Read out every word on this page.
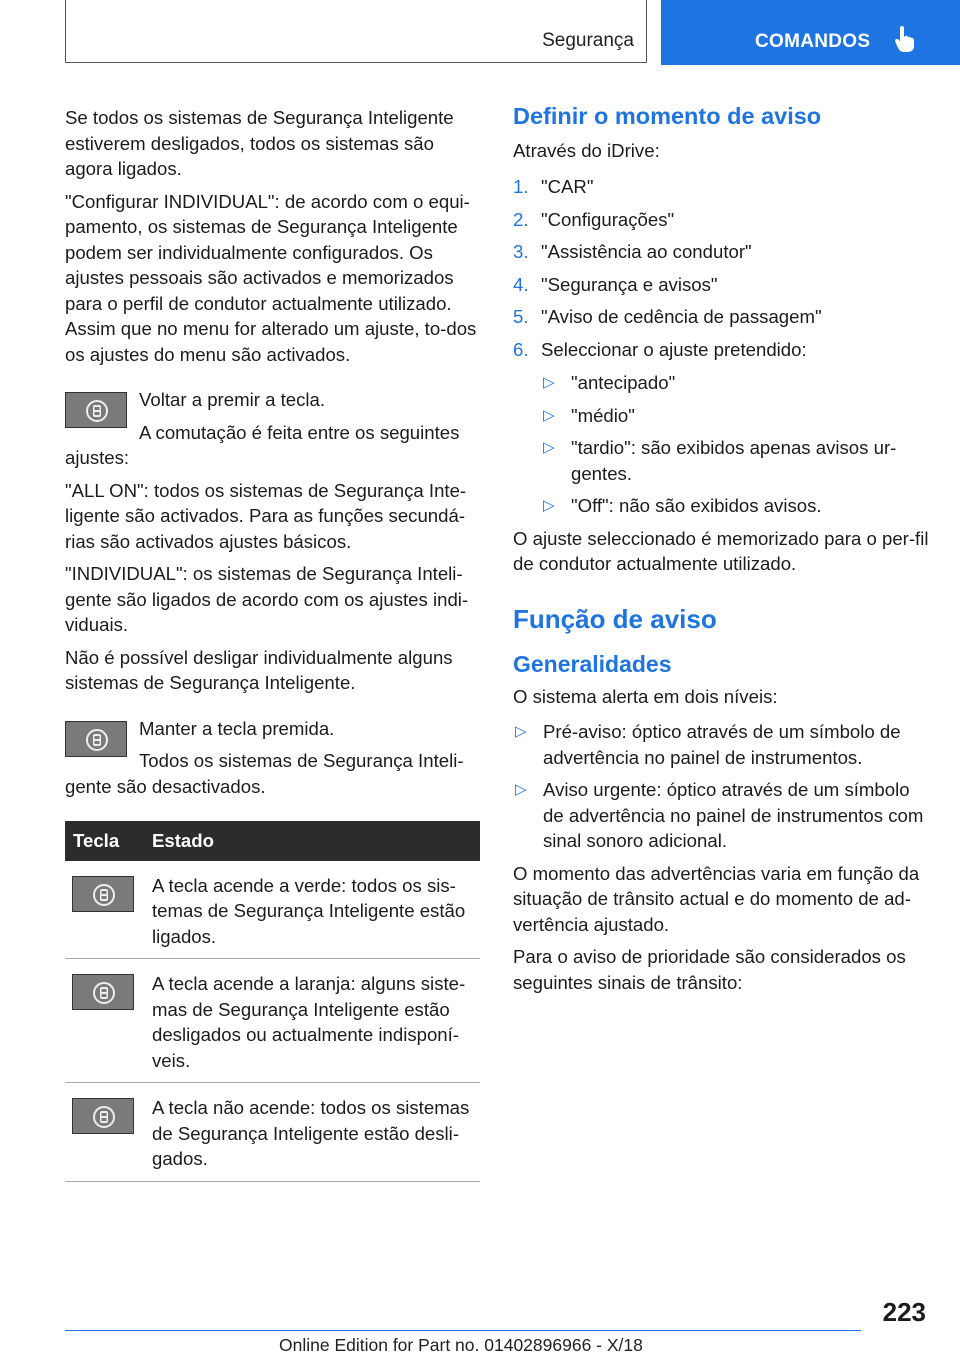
Segurança	COMANDOS

Se todos os sistemas de Segurança Inteligente estiverem desligados, todos os sistemas são agora ligados.

"Configurar INDIVIDUAL": de acordo com o equi-pamento, os sistemas de Segurança Inteligente podem ser individualmente configurados. Os ajustes pessoais são activados e memorizados para o perfil de condutor actualmente utilizado. Assim que no menu for alterado um ajuste, to-dos os ajustes do menu são activados.

Voltar a premir a tecla.

A comutação é feita entre os seguintes ajustes:

"ALL ON": todos os sistemas de Segurança Inte-ligente são activados. Para as funções secundá-rias são activados ajustes básicos.

"INDIVIDUAL": os sistemas de Segurança Inteli-gente são ligados de acordo com os ajustes indi-viduais.

Não é possível desligar individualmente alguns sistemas de Segurança Inteligente.

Manter a tecla premida.

Todos os sistemas de Segurança Inteli-gente são desactivados.

Tecla	Estado

	A tecla acende a verde: todos os sis-temas de Segurança Inteligente estão ligados.

	A tecla acende a laranja: alguns siste-mas de Segurança Inteligente estão desligados ou actualmente indisponí-veis.

	A tecla não acende: todos os sistemas de Segurança Inteligente estão desli-gados.
Definir o momento de aviso

Através do iDrive:

1. "CAR"
2. "Configurações"
3. "Assistência ao condutor"
4. "Segurança e avisos"
5. "Aviso de cedência de passagem"
6. Seleccionar o ajuste pretendido:
▷ "antecipado"
▷ "médio"
▷ "tardio": são exibidos apenas avisos ur-gentes.
▷ "Off": não são exibidos avisos.

O ajuste seleccionado é memorizado para o per-fil de condutor actualmente utilizado.

Função de aviso
Generalidades

O sistema alerta em dois níveis:

▷ Pré-aviso: óptico através de um símbolo de advertência no painel de instrumentos.
▷ Aviso urgente: óptico através de um símbolo de advertência no painel de instrumentos com sinal sonoro adicional.

O momento das advertências varia em função da situação de trânsito actual e do momento de ad-vertência ajustado.

Para o aviso de prioridade são considerados os seguintes sinais de trânsito:

223
Online Edition for Part no. 01402896966 - X/18
